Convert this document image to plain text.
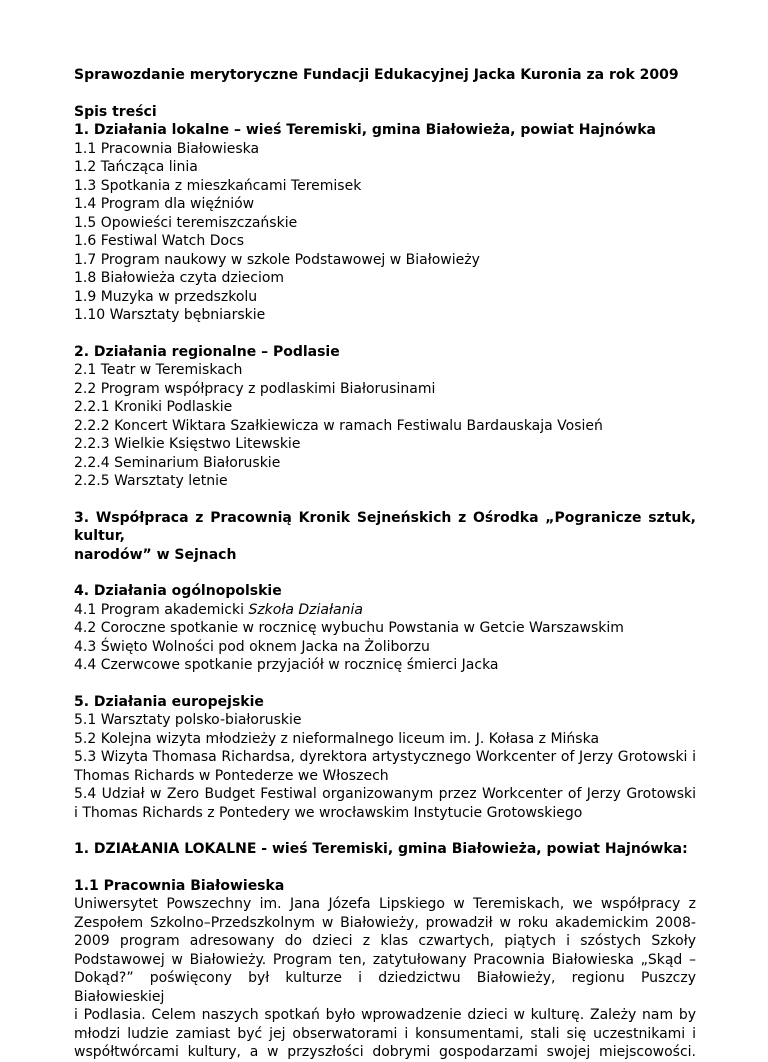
Sprawozdanie merytoryczne Fundacji Edukacyjnej Jacka Kuronia za rok 2009
Spis treści
1. Działania lokalne – wieś Teremiski, gmina Białowieża, powiat Hajnówka
1.1 Pracownia Białowieska
1.2 Tańcząca linia
1.3 Spotkania z mieszkańcami Teremisek
1.4 Program dla więźniów
1.5 Opowieści teremiszczańskie
1.6 Festiwal Watch Docs
1.7 Program naukowy w szkole Podstawowej w Białowieży
1.8 Białowieża czyta dzieciom
1.9 Muzyka w przedszkolu
1.10 Warsztaty bębniarskie
2. Działania regionalne – Podlasie
2.1 Teatr w Teremiskach
2.2 Program współpracy z podlaskimi Białorusinami
2.2.1 Kroniki Podlaskie
2.2.2 Koncert Wiktara Szałkiewicza w ramach Festiwalu Bardauskaja Vosień
2.2.3 Wielkie Księstwo Litewskie
2.2.4 Seminarium Białoruskie
2.2.5 Warsztaty letnie
3. Współpraca z Pracownią Kronik Sejneńskich z Ośrodka „Pogranicze sztuk, kultur,
narodów” w Sejnach
4. Działania ogólnopolskie
4.1 Program akademicki Szkoła Działania
4.2 Coroczne spotkanie w rocznicę wybuchu Powstania w Getcie Warszawskim
4.3 Święto Wolności pod oknem Jacka na Żoliborzu
4.4 Czerwcowe spotkanie przyjaciół w rocznicę śmierci Jacka
5. Działania europejskie
5.1 Warsztaty polsko-białoruskie
5.2 Kolejna wizyta młodzieży z nieformalnego liceum im. J. Kołasa z Mińska
5.3 Wizyta Thomasa Richardsa, dyrektora artystycznego Workcenter of Jerzy Grotowski i
Thomas Richards w Pontederze we Włoszech
5.4 Udział w Zero Budget Festiwal organizowanym przez Workcenter of Jerzy Grotowski
i Thomas Richards z Pontedery we wrocławskim Instytucie Grotowskiego
1. DZIAŁANIA LOKALNE - wieś Teremiski, gmina Białowieża, powiat Hajnówka:
1.1 Pracownia Białowieska
Uniwersytet Powszechny im. Jana Józefa Lipskiego w Teremiskach, we współpracy z
Zespołem Szkolno–Przedszkolnym w Białowieży, prowadził w roku akademickim 2008-
2009 program adresowany do dzieci z klas czwartych, piątych i szóstych Szkoły
Podstawowej w Białowieży. Program ten, zatytułowany Pracownia Białowieska „Skąd –
Dokąd?” poświęcony był kulturze i dziedzictwu Białowieży, regionu Puszczy Białowieskiej
i Podlasia. Celem naszych spotkań było wprowadzenie dzieci w kulturę. Zależy nam by
młodzi ludzie zamiast być jej obserwatorami i konsumentami, stali się uczestnikami i
współtwórcami kultury, a w przyszłości dobrymi gospodarzami swojej miejscowości.
